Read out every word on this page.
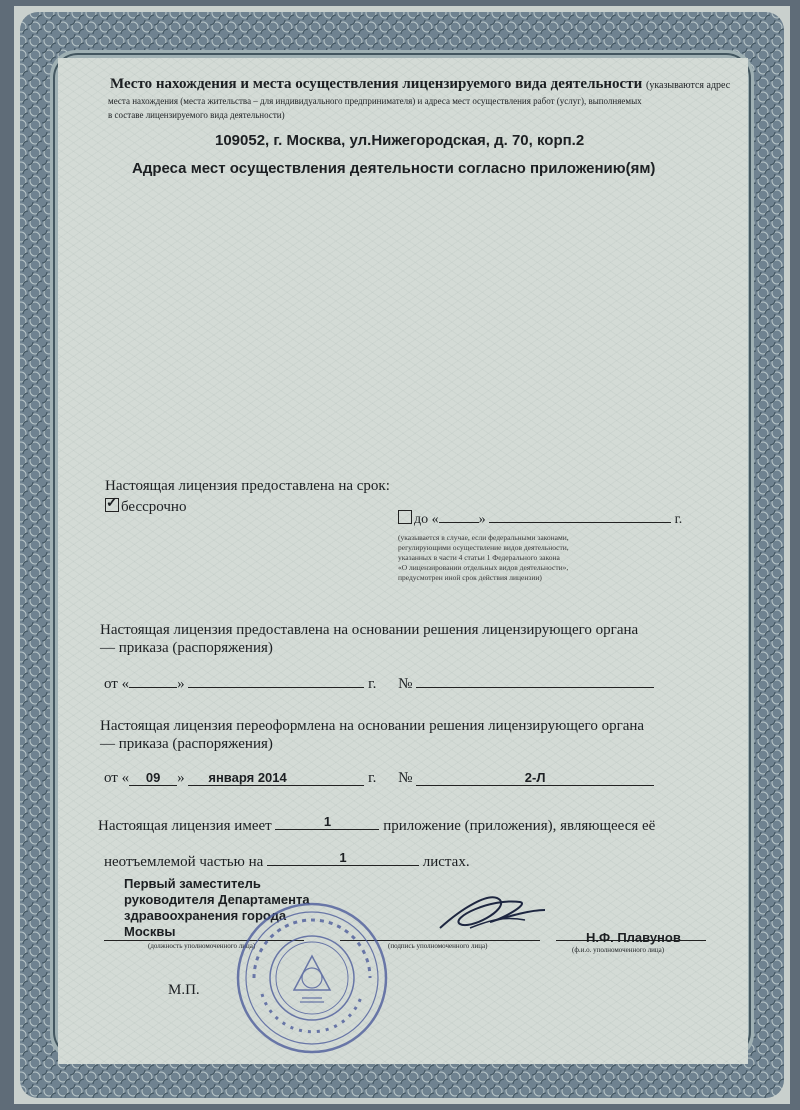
Место нахождения и места осуществления лицензируемого вида деятельности (указываются адрес
места нахождения (места жительства – для индивидуального предпринимателя) и адреса мест осуществления работ (услуг), выполняемых
в составе лицензируемого вида деятельности)
109052, г. Москва, ул.Нижегородская, д. 70, корп.2
Адреса мест осуществления деятельности согласно приложению(ям)
Настоящая лицензия предоставлена на срок:
✓бессрочно
до «	»	г.
(указывается в случае, если федеральными законами,
регулирующими осуществление видов деятельности,
указанных в части 4 статьи 1 Федерального закона
«О лицензировании отдельных видов деятельности»,
предусмотрен иной срок действия лицензии)
Настоящая лицензия предоставлена на основании решения лицензирующего органа
— приказа (распоряжения)
от «	»	г. №
Настоящая лицензия переоформлена на основании решения лицензирующего органа
— приказа (распоряжения)
от « 09 » января 2014	г. №	2-Л
Настоящая лицензия имеет	1	приложение (приложения), являющееся её
неотъемлемой частью на	1	листах.
Первый заместитель
руководителя Департамента
здравоохранения города
Москвы
(должность уполномоченного лица)	(подпись уполномоченного лица)
Н.Ф. Плавунов
(ф.и.о. уполномоченного лица)
М.П.
